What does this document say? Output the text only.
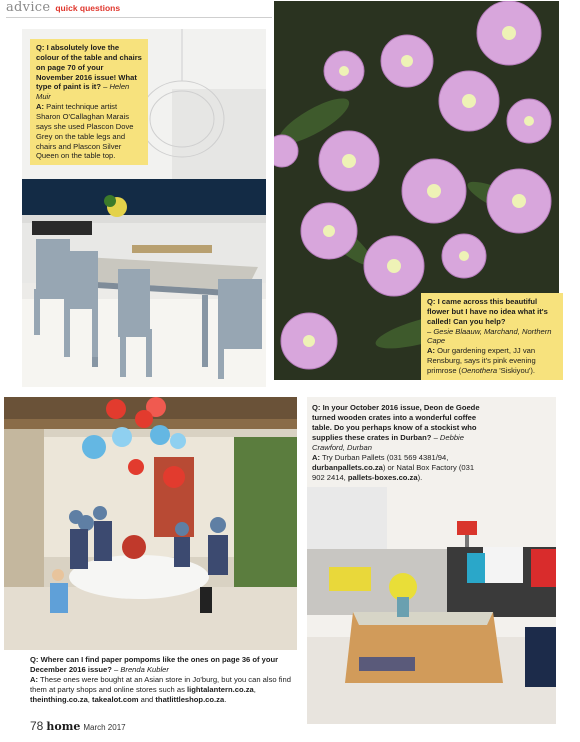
advice quick questions
Q: I absolutely love the colour of the table and chairs on page 70 of your November 2016 issue! What type of paint is it? – Helen Muir
A: Paint technique artist Sharon O'Callaghan Marais says she used Plascon Dove Grey on the table legs and chairs and Plascon Silver Queen on the table top.
Q: I came across this beautiful flower but I have no idea what it's called! Can you help?
– Gesie Blaauw, Marchand, Northern Cape
A: Our gardening expert, JJ van Rensburg, says it's pink evening primrose (Oenothera 'Siskiyou').
Q: In your October 2016 issue, Deon de Goede turned wooden crates into a wonderful coffee table. Do you perhaps know of a stockist who supplies these crates in Durban? – Debbie Crawford, Durban
A: Try Durban Pallets (031 569 4381/94, durbanpallets.co.za) or Natal Box Factory (031 902 2414, pallets-boxes.co.za).
Q: Where can I find paper pompoms like the ones on page 36 of your December 2016 issue? – Brenda Kubler
A: These ones were bought at an Asian store in Jo'burg, but you can also find them at party shops and online stores such as lightalantern.co.za, theinthing.co.za, takealot.com and thatlittleshop.co.za.
78 home March 2017
